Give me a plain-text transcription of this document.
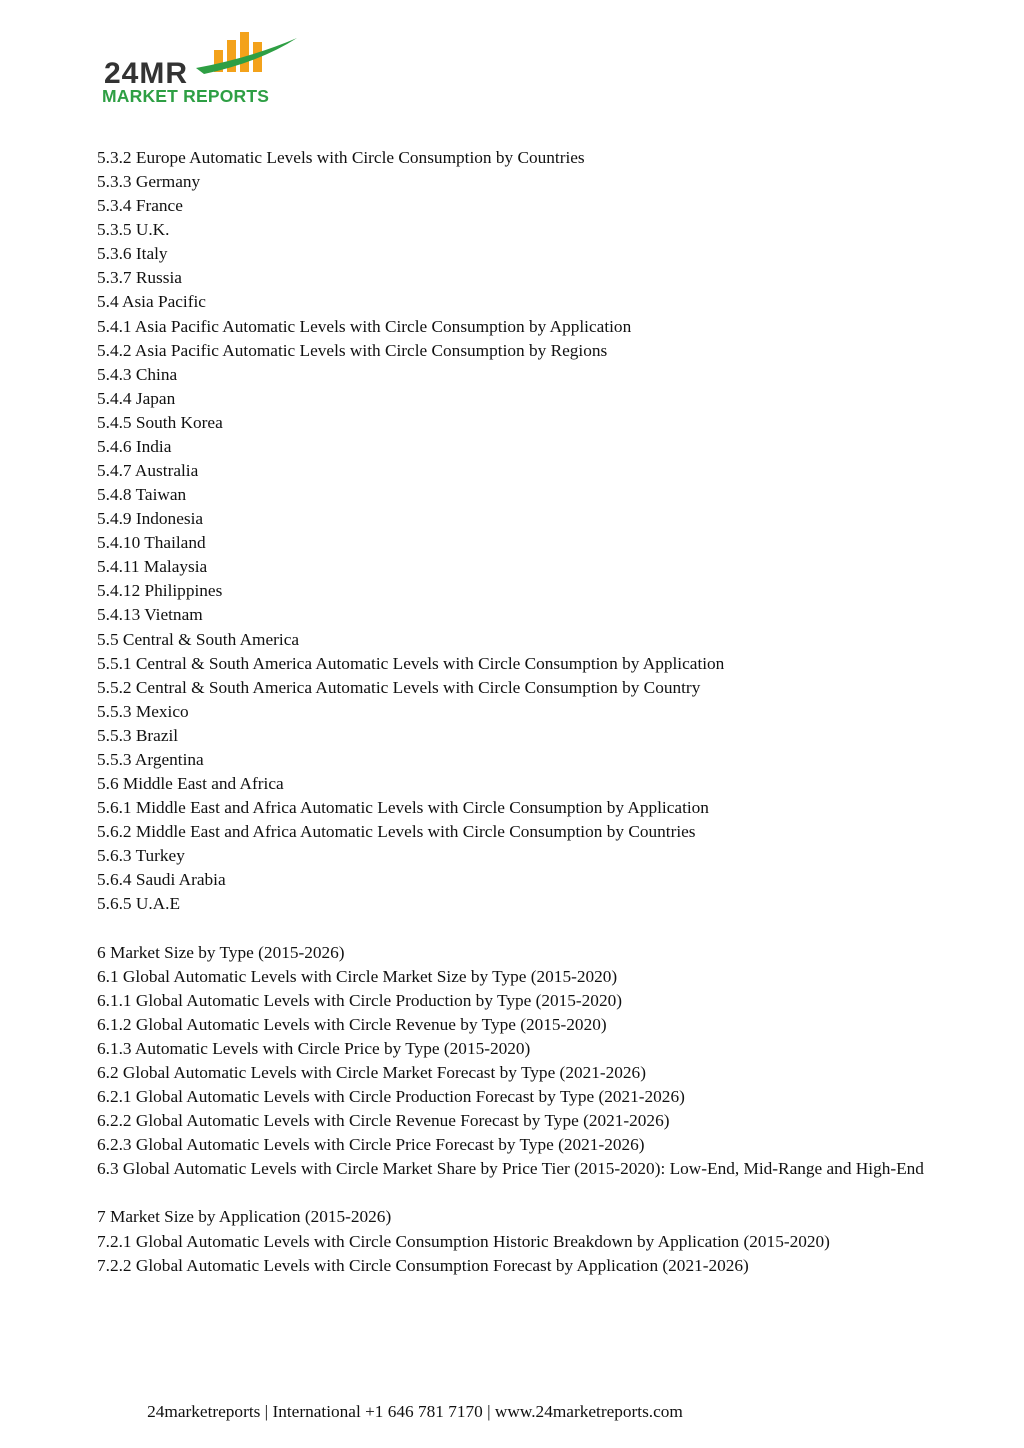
24MR
MARKET REPORTS

5.3.2 Europe Automatic Levels with Circle Consumption by Countries

5.3.3 Germany

5.3.4 France

5.3.5 U.K.

5.3.6 Italy

5.3.7 Russia

5.4 Asia Pacific

5.4.1 Asia Pacific Automatic Levels with Circle Consumption by Application

5.4.2 Asia Pacific Automatic Levels with Circle Consumption by Regions

5.4.3 China

5.4.4 Japan

5.4.5 South Korea

5.4.6 India

5.4.7 Australia

5.4.8 Taiwan

5.4.9 Indonesia

5.4.10 Thailand

5.4.11 Malaysia

5.4.12 Philippines

5.4.13 Vietnam

5.5 Central & South America

5.5.1 Central & South America Automatic Levels with Circle Consumption by Application

5.5.2 Central & South America Automatic Levels with Circle Consumption by Country

5.5.3 Mexico

5.5.3 Brazil

5.5.3 Argentina

5.6 Middle East and Africa

5.6.1 Middle East and Africa Automatic Levels with Circle Consumption by Application

5.6.2 Middle East and Africa Automatic Levels with Circle Consumption by Countries

5.6.3 Turkey

5.6.4 Saudi Arabia

5.6.5 U.A.E

6 Market Size by Type (2015-2026)

6.1 Global Automatic Levels with Circle Market Size by Type (2015-2020)

6.1.1 Global Automatic Levels with Circle Production by Type (2015-2020)

6.1.2 Global Automatic Levels with Circle Revenue by Type (2015-2020)

6.1.3 Automatic Levels with Circle Price by Type (2015-2020)

6.2 Global Automatic Levels with Circle Market Forecast by Type (2021-2026)

6.2.1 Global Automatic Levels with Circle Production Forecast by Type (2021-2026)

6.2.2 Global Automatic Levels with Circle Revenue Forecast by Type (2021-2026)

6.2.3 Global Automatic Levels with Circle Price Forecast by Type (2021-2026)

6.3 Global Automatic Levels with Circle Market Share by Price Tier (2015-2020): Low-End, Mid-Range and High-End

7 Market Size by Application (2015-2026)

7.2.1 Global Automatic Levels with Circle Consumption Historic Breakdown by Application (2015-2020)

7.2.2 Global Automatic Levels with Circle Consumption Forecast by Application (2021-2026)

24marketreports | International +1 646 781 7170 | www.24marketreports.com
